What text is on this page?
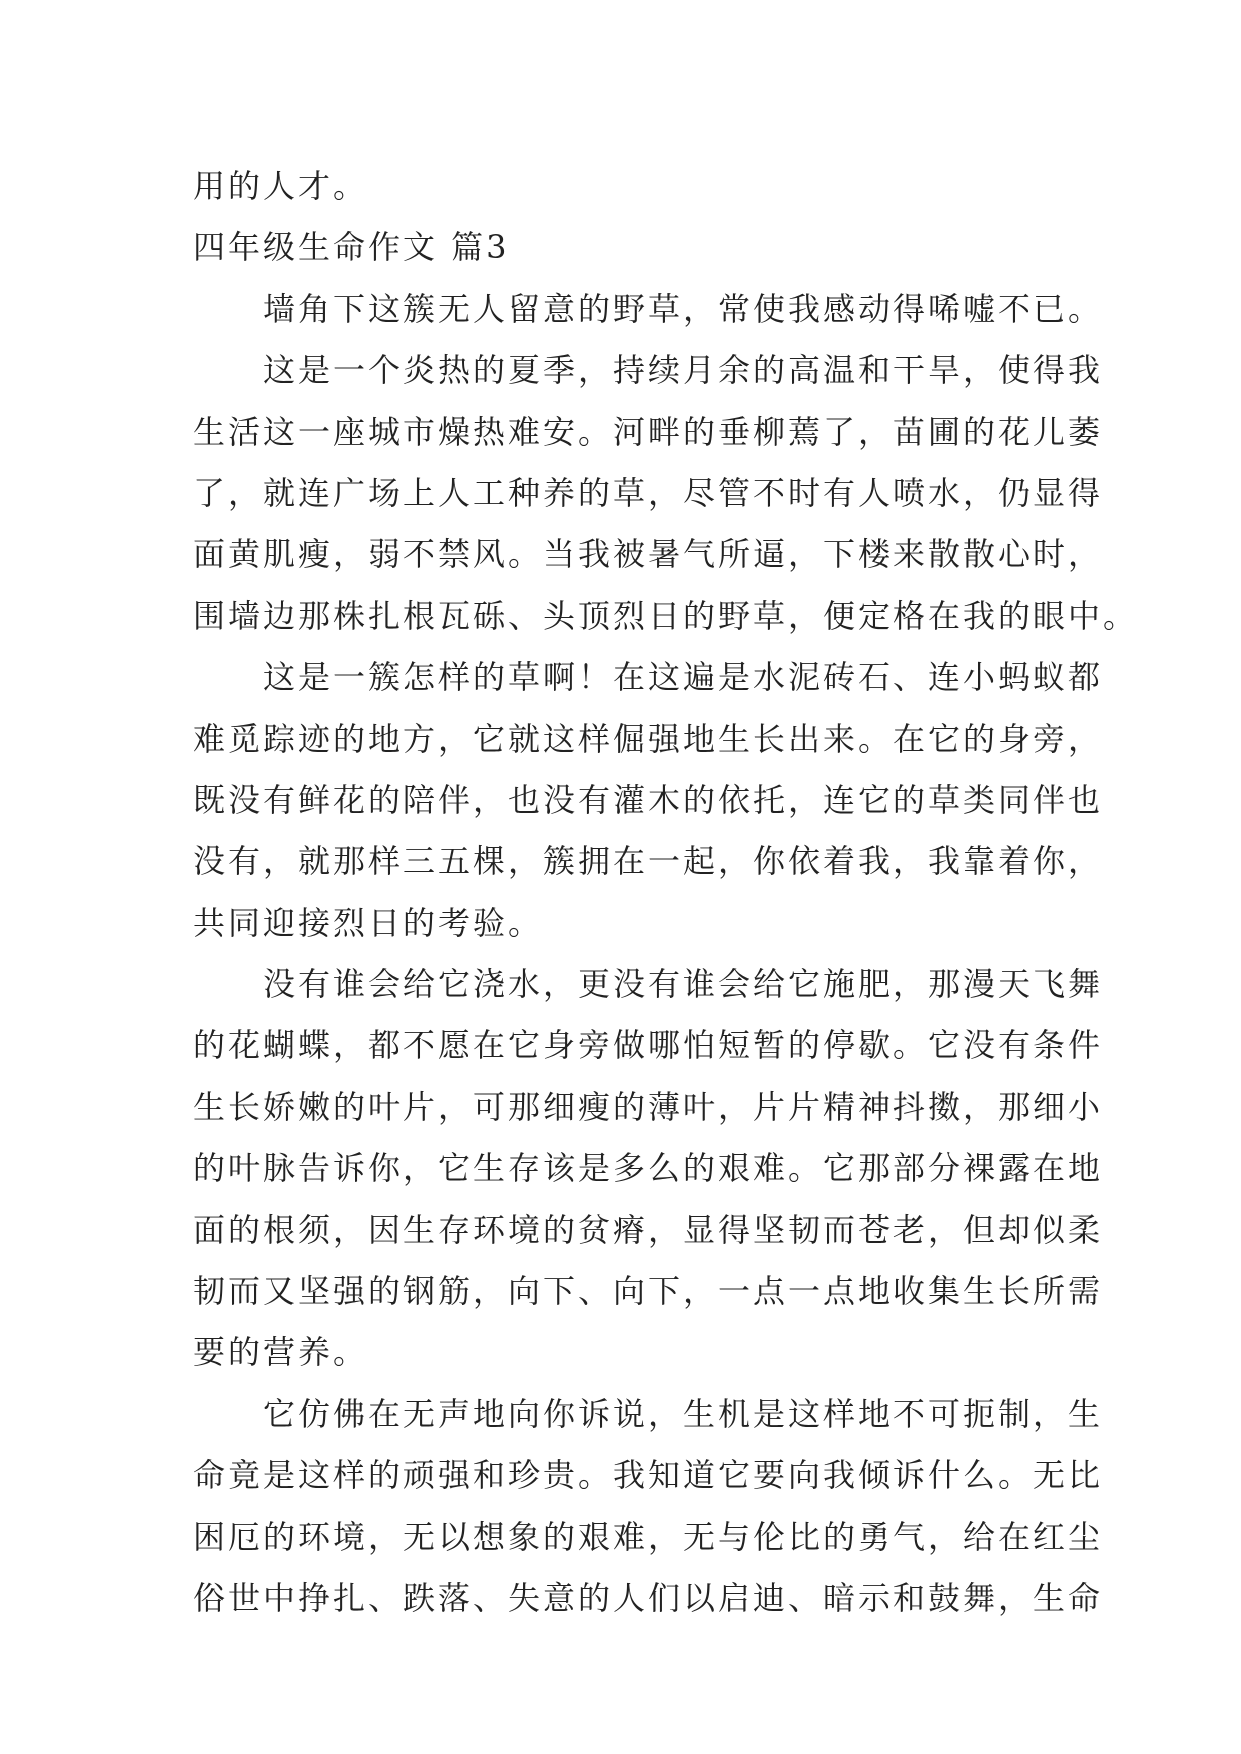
用的人才。
四年级生命作文 篇3
　　墙角下这簇无人留意的野草，常使我感动得唏嘘不已。
　　这是一个炎热的夏季，持续月余的高温和干旱，使得我
生活这一座城市燥热难安。河畔的垂柳蔫了，苗圃的花儿萎
了，就连广场上人工种养的草，尽管不时有人喷水，仍显得
面黄肌瘦，弱不禁风。当我被暑气所逼，下楼来散散心时，
围墙边那株扎根瓦砾、头顶烈日的野草，便定格在我的眼中。
　　这是一簇怎样的草啊！在这遍是水泥砖石、连小蚂蚁都
难觅踪迹的地方，它就这样倔强地生长出来。在它的身旁，
既没有鲜花的陪伴，也没有灌木的依托，连它的草类同伴也
没有，就那样三五棵，簇拥在一起，你依着我，我靠着你，
共同迎接烈日的考验。
　　没有谁会给它浇水，更没有谁会给它施肥，那漫天飞舞
的花蝴蝶，都不愿在它身旁做哪怕短暂的停歇。它没有条件
生长娇嫩的叶片，可那细瘦的薄叶，片片精神抖擞，那细小
的叶脉告诉你，它生存该是多么的艰难。它那部分裸露在地
面的根须，因生存环境的贫瘠，显得坚韧而苍老，但却似柔
韧而又坚强的钢筋，向下、向下，一点一点地收集生长所需
要的营养。
　　它仿佛在无声地向你诉说，生机是这样地不可扼制，生
命竟是这样的顽强和珍贵。我知道它要向我倾诉什么。无比
困厄的环境，无以想象的艰难，无与伦比的勇气，给在红尘
俗世中挣扎、跌落、失意的人们以启迪、暗示和鼓舞，生命
